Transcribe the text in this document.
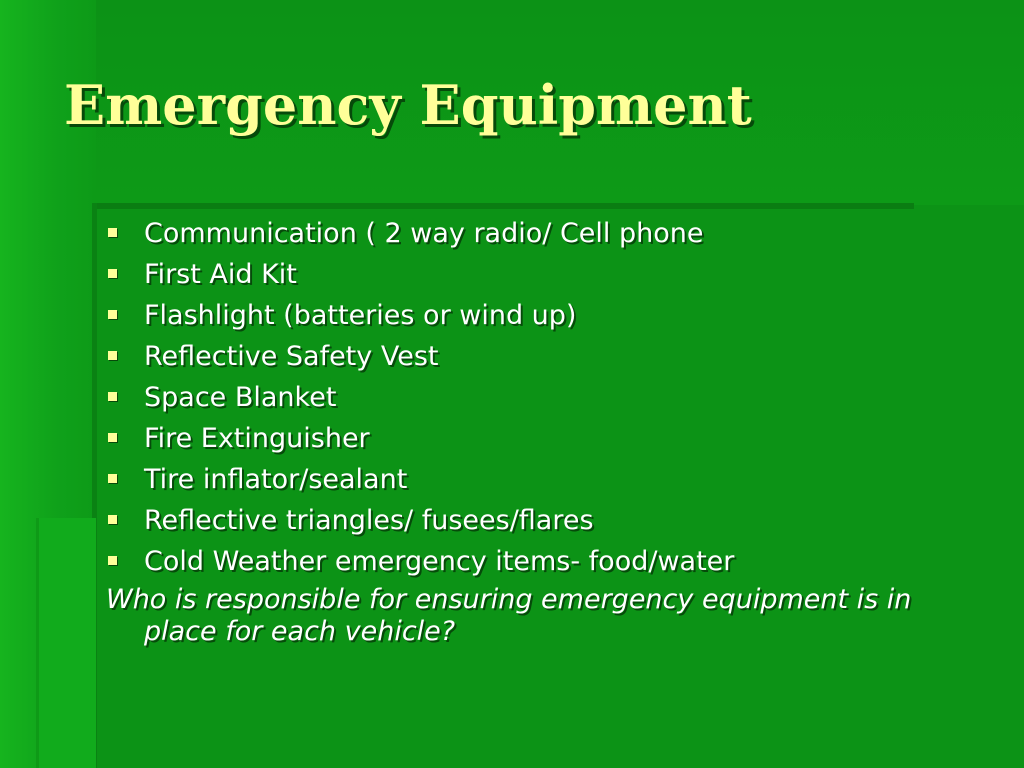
Emergency Equipment
Communication ( 2 way radio/ Cell phone
First Aid Kit
Flashlight (batteries or wind up)
Reflective Safety Vest
Space Blanket
Fire Extinguisher
Tire inflator/sealant
Reflective triangles/ fusees/flares
Cold Weather emergency items- food/water

Who is responsible for ensuring emergency equipment is in place for each vehicle?
